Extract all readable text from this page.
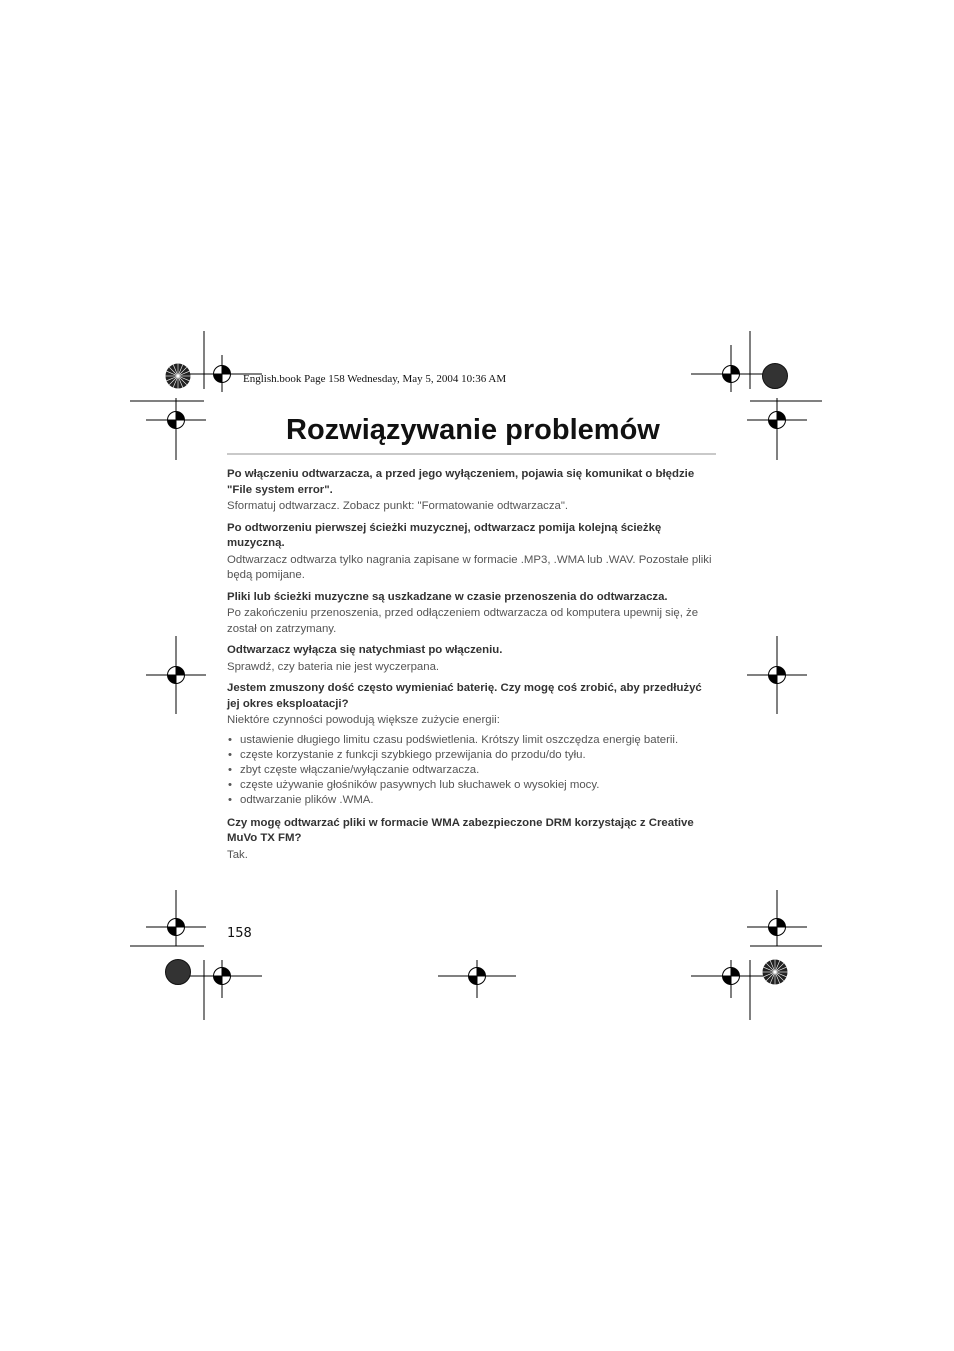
English.book Page 158 Wednesday, May 5, 2004 10:36 AM
Rozwiązywanie problemów

Po włączeniu odtwarzacza, a przed jego wyłączeniem, pojawia się komunikat o błędzie "File system error".

Sformatuj odtwarzacz. Zobacz punkt: "Formatowanie odtwarzacza".

Po odtworzeniu pierwszej ścieżki muzycznej, odtwarzacz pomija kolejną ścieżkę muzyczną.

Odtwarzacz odtwarza tylko nagrania zapisane w formacie .MP3, .WMA lub .WAV. Pozostałe pliki będą pomijane.

Pliki lub ścieżki muzyczne są uszkadzane w czasie przenoszenia do odtwarzacza.

Po zakończeniu przenoszenia, przed odłączeniem odtwarzacza od komputera upewnij się, że został on zatrzymany.

Odtwarzacz wyłącza się natychmiast po włączeniu.

Sprawdź, czy bateria nie jest wyczerpana.

Jestem zmuszony dość często wymieniać baterię. Czy mogę coś zrobić, aby przedłużyć jej okres eksploatacji?

Niektóre czynności powodują większe zużycie energii:

• ustawienie długiego limitu czasu podświetlenia. Krótszy limit oszczędza energię baterii.
• częste korzystanie z funkcji szybkiego przewijania do przodu/do tyłu.
• zbyt częste włączanie/wyłączanie odtwarzacza.
• częste używanie głośników pasywnych lub słuchawek o wysokiej mocy.
• odtwarzanie plików .WMA.

Czy mogę odtwarzać pliki w formacie WMA zabezpieczone DRM korzystając z Creative MuVo TX FM?

Tak.

158
